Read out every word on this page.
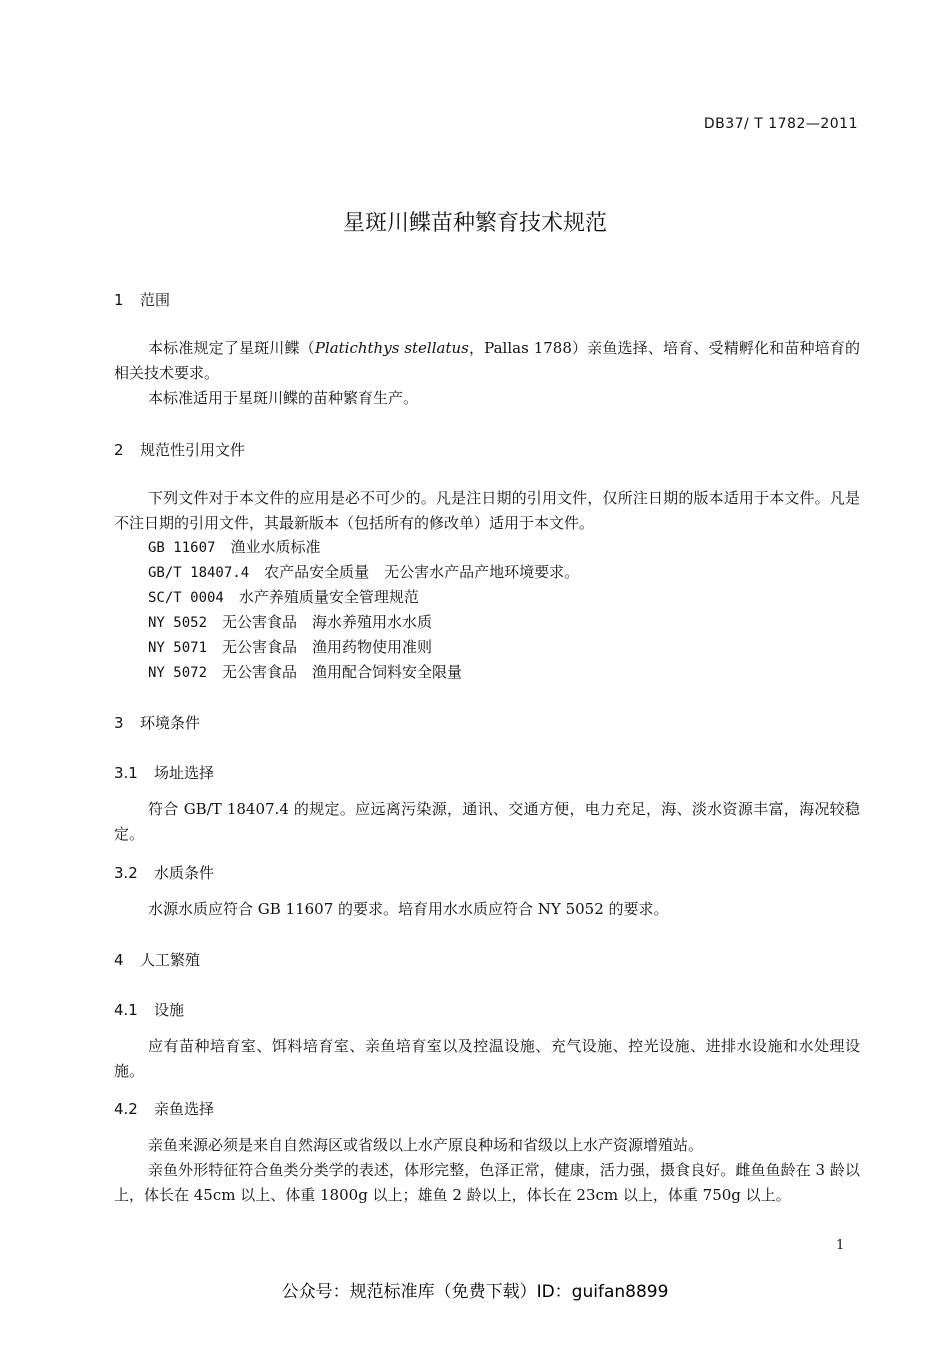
DB37/ T 1782—2011
星斑川鲽苗种繁育技术规范
1 范围
本标准规定了星斑川鲽（Platichthys stellatus，Pallas 1788）亲鱼选择、培育、受精孵化和苗种培育的相关技术要求。
本标准适用于星斑川鲽的苗种繁育生产。
2 规范性引用文件
下列文件对于本文件的应用是必不可少的。凡是注日期的引用文件，仅所注日期的版本适用于本文件。凡是不注日期的引用文件，其最新版本（包括所有的修改单）适用于本文件。
GB 11607　 渔业水质标准
GB/T 18407.4　 农产品安全质量　无公害水产品产地环境要求。
SC/T 0004　 水产养殖质量安全管理规范
NY 5052　 无公害食品　海水养殖用水水质
NY 5071　 无公害食品　渔用药物使用准则
NY 5072　 无公害食品　渔用配合饲料安全限量
3 环境条件
3.1 场址选择
符合 GB/T 18407.4 的规定。应远离污染源，通讯、交通方便，电力充足，海、淡水资源丰富，海况较稳定。
3.2 水质条件
水源水质应符合 GB 11607 的要求。培育用水水质应符合 NY 5052 的要求。
4 人工繁殖
4.1 设施
应有苗种培育室、饵料培育室、亲鱼培育室以及控温设施、充气设施、控光设施、进排水设施和水处理设施。
4.2 亲鱼选择
亲鱼来源必须是来自自然海区或省级以上水产原良种场和省级以上水产资源增殖站。
亲鱼外形特征符合鱼类分类学的表述，体形完整，色泽正常，健康，活力强，摄食良好。雌鱼鱼龄在 3 龄以上，体长在 45cm 以上、体重 1800g 以上；雄鱼 2 龄以上，体长在 23cm 以上，体重 750g 以上。
1
公众号：规范标准库（免费下载）ID：guifan8899
